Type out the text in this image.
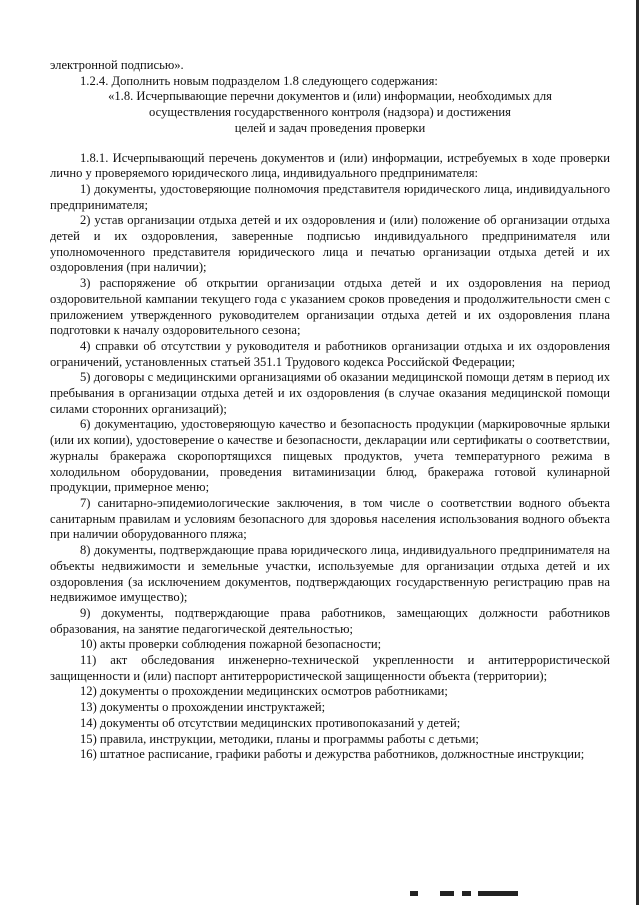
электронной подписью».

1.2.4. Дополнить новым подразделом 1.8 следующего содержания:

«1.8. Исчерпывающие перечни документов и (или) информации, необходимых для

осуществления государственного контроля (надзора) и достижения

целей и задач проведения проверки

1.8.1. Исчерпывающий перечень документов и (или) информации, истребуемых в ходе проверки лично у проверяемого юридического лица, индивидуального предпринимателя:

1) документы, удостоверяющие полномочия представителя юридического лица, индивидуального предпринимателя;

2) устав организации отдыха детей и их оздоровления и (или) положение об организации отдыха детей и их оздоровления, заверенные подписью индивидуального предпринимателя или уполномоченного представителя юридического лица и печатью организации отдыха детей и их оздоровления (при наличии);

3) распоряжение об открытии организации отдыха детей и их оздоровления на период оздоровительной кампании текущего года с указанием сроков проведения и продолжительности смен с приложением утвержденного руководителем организации отдыха детей и их оздоровления плана подготовки к началу оздоровительного сезона;

4) справки об отсутствии у руководителя и работников организации отдыха и их оздоровления ограничений, установленных статьей 351.1 Трудового кодекса Российской Федерации;

5) договоры с медицинскими организациями об оказании медицинской помощи детям в период их пребывания в организации отдыха детей и их оздоровления (в случае оказания медицинской помощи силами сторонних организаций);

6) документацию, удостоверяющую качество и безопасность продукции (маркировочные ярлыки (или их копии), удостоверение о качестве и безопасности, декларации или сертификаты о соответствии, журналы бракеража скоропортящихся пищевых продуктов, учета температурного режима в холодильном оборудовании, проведения витаминизации блюд, бракеража готовой кулинарной продукции, примерное меню;

7) санитарно-эпидемиологические заключения, в том числе о соответствии водного объекта санитарным правилам и условиям безопасного для здоровья населения использования водного объекта при наличии оборудованного пляжа;

8) документы, подтверждающие права юридического лица, индивидуального предпринимателя на объекты недвижимости и земельные участки, используемые для организации отдыха детей и их оздоровления (за исключением документов, подтверждающих государственную регистрацию прав на недвижимое имущество);

9) документы, подтверждающие права работников, замещающих должности работников образования, на занятие педагогической деятельностью;

10) акты проверки соблюдения пожарной безопасности;

11) акт обследования инженерно-технической укрепленности и антитеррористической защищенности и (или) паспорт антитеррористической защищенности объекта (территории);

12) документы о прохождении медицинских осмотров работниками;

13) документы о прохождении инструктажей;

14) документы об отсутствии медицинских противопоказаний у детей;

15) правила, инструкции, методики, планы и программы работы с детьми;

16) штатное расписание, графики работы и дежурства работников, должностные инструкции;
